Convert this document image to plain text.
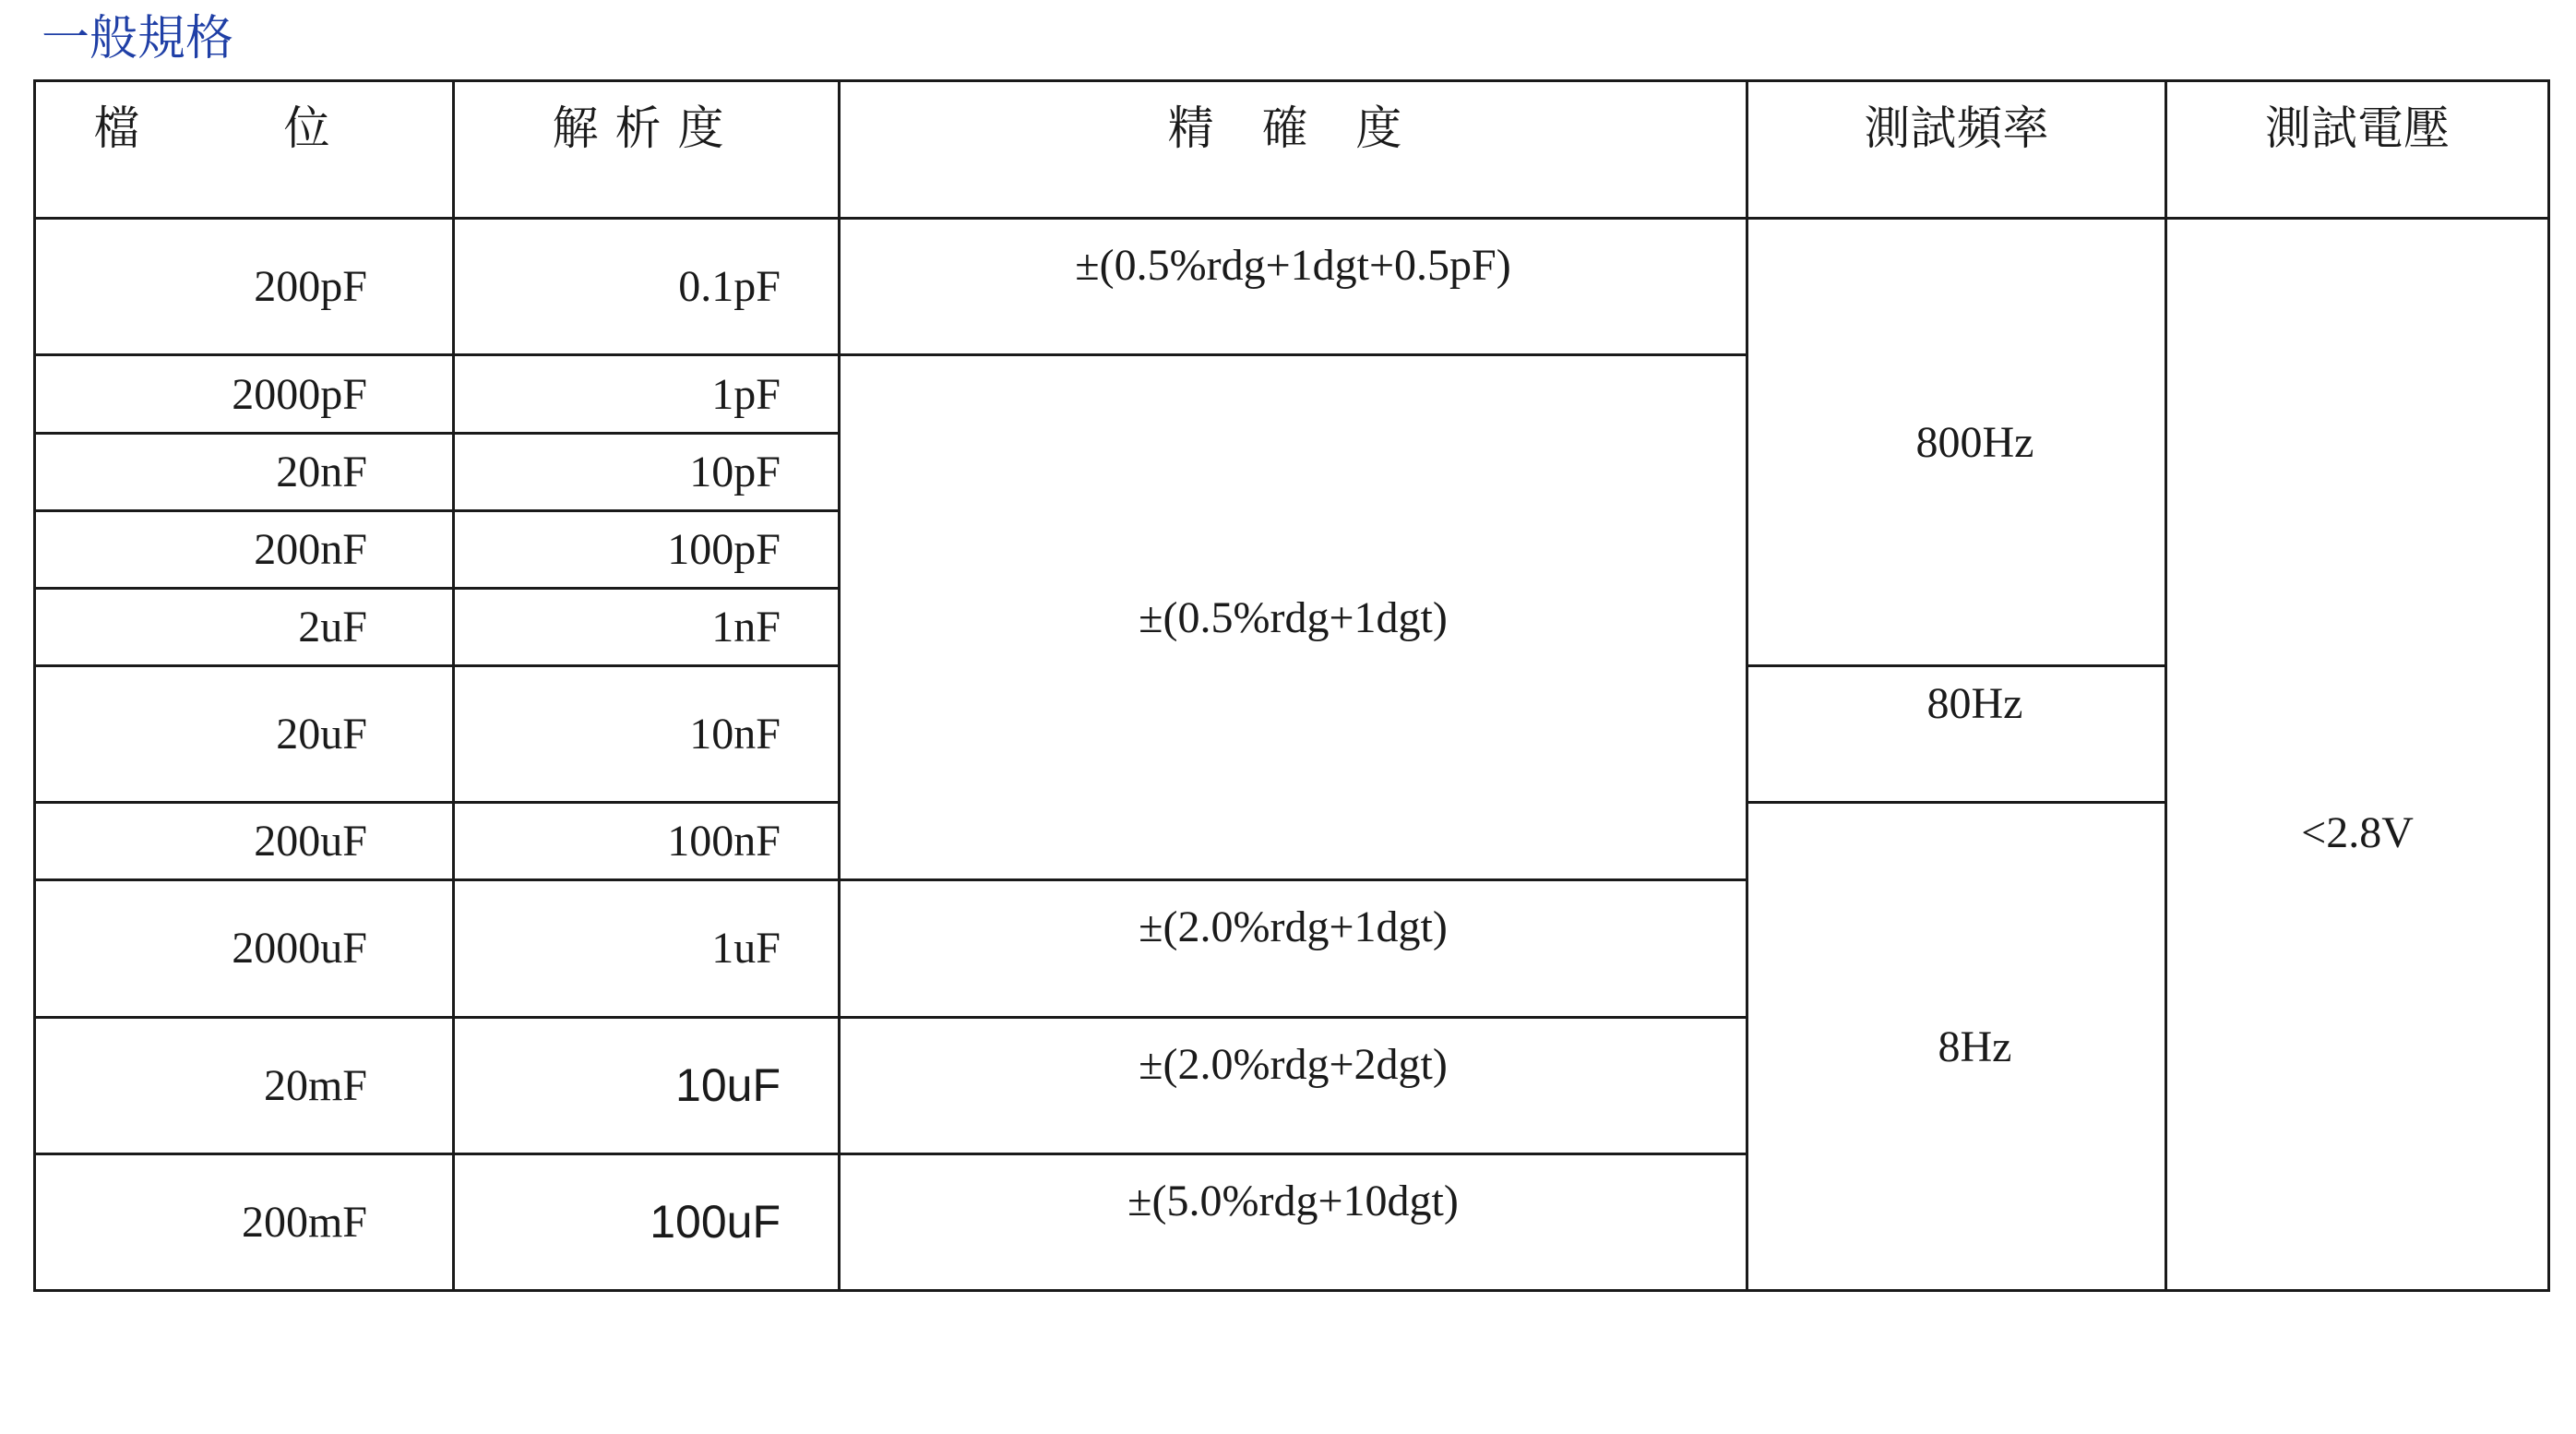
一般規格
檔 位	解析度	精 確 度	測試頻率	測試電壓
200pF	0.1pF	±(0.5%rdg+1dgt+0.5pF)	800Hz	<2.8V
2000pF	1pF	±(0.5%rdg+1dgt)		
20nF	10pF			
200nF	100pF			
2uF	1nF			
20uF	10nF		80Hz	
200uF	100nF		8Hz	
2000uF	1uF	±(2.0%rdg+1dgt)		
20mF	10uF	±(2.0%rdg+2dgt)		
200mF	100uF	±(5.0%rdg+10dgt)		
